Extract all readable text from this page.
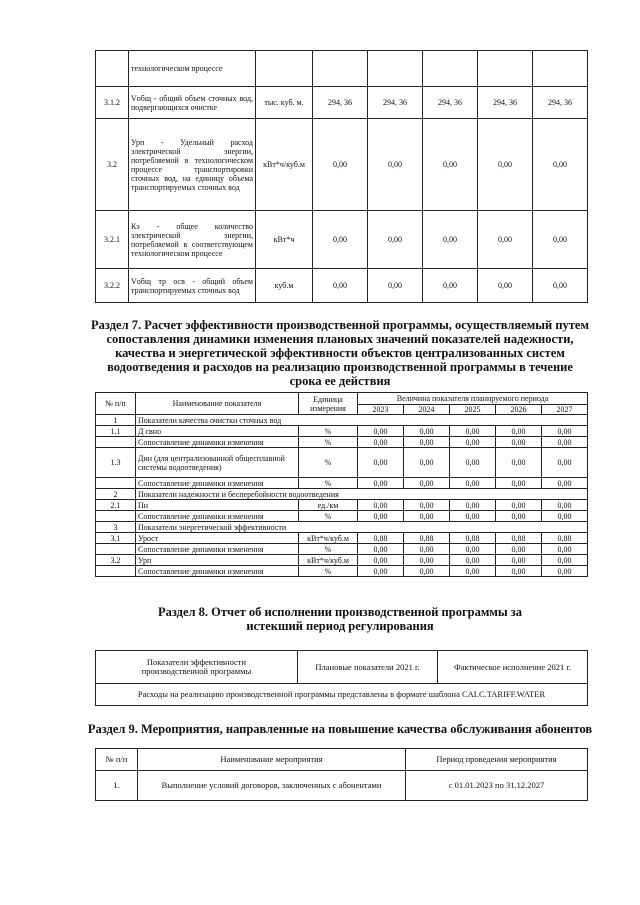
	технологическом процессе						
3.1.2	Vобщ - общий объем сточных вод, подвергающихся очистке	тыс. куб. м.	294, 36	294, 36	294, 36	294, 36	294, 36
3.2	Урп - Удельный расход электрической энергии, потребляемой в технологическом процессе транспортировки сточных вод, на единицу объема транспортируемых сточных вод	кВт*ч/куб.м	0,00	0,00	0,00	0,00	0,00
3.2.1	Кэ - общее количество электрической энергии, потребляемой в соответствующем технологическом процессе	кВт*ч	0,00	0,00	0,00	0,00	0,00
3.2.2	Vобщ тр осв - общий объем транспортируемых сточных вод	куб.м	0,00	0,00	0,00	0,00	0,00
Раздел 7. Расчет эффективности производственной программы, осуществляемый путем сопоставления динамики изменения плановых значений показателей надежности, качества и энергетической эффективности объектов централизованных систем водоотведения и расходов на реализацию производственной программы в течение срока ее действия
№ п/п	Наименование показателя	Единица измерения	Величина показателя планируемого периода				
			2023	2024	2025	2026	2027
1	Показатели качества очистки сточных вод						
1.1	Д свно	%	0,00	0,00	0,00	0,00	0,00
	Сопоставление динамики изменения	%	0,00	0,00	0,00	0,00	0,00
1.3	Дин (для централизованной общесплавной системы водоотведения)	%	0,00	0,00	0,00	0,00	0,00
	Сопоставление динамики изменения	%	0,00	0,00	0,00	0,00	0,00
2	Показатели надежности и бесперебойности водоотведения						
2.1	Пн	ед./км	0,00	0,00	0,00	0,00	0,00
	Сопоставление динамики изменения	%	0,00	0,00	0,00	0,00	0,00
3	Показатели энергетической эффективности						
3.1	Урост	кВт*ч/куб.м	0,88	0,88	0,88	0,88	0,88
	Сопоставление динамики изменения	%	0,00	0,00	0,00	0,00	0,00
3.2	Урп	кВт*ч/куб.м	0,00	0,00	0,00	0,00	0,00
	Сопоставление динамики изменения	%	0,00	0,00	0,00	0,00	0,00
Раздел 8. Отчет об исполнении производственной программы за истекший период регулирования
Показатели эффективности производственной программы	Плановые показатели 2021 г.	Фактическое исполнение 2021 г.
Расходы на реализацию производственной программы представлены в формате шаблона CALC.TARIFF.WATER
Раздел 9. Мероприятия, направленные на повышение качества обслуживания абонентов
№ п/п	Наименование мероприятия	Период проведения мероприятия
1.	Выполнение условий договоров, заключенных с абонентами	с 01.01.2023 по 31.12.2027
